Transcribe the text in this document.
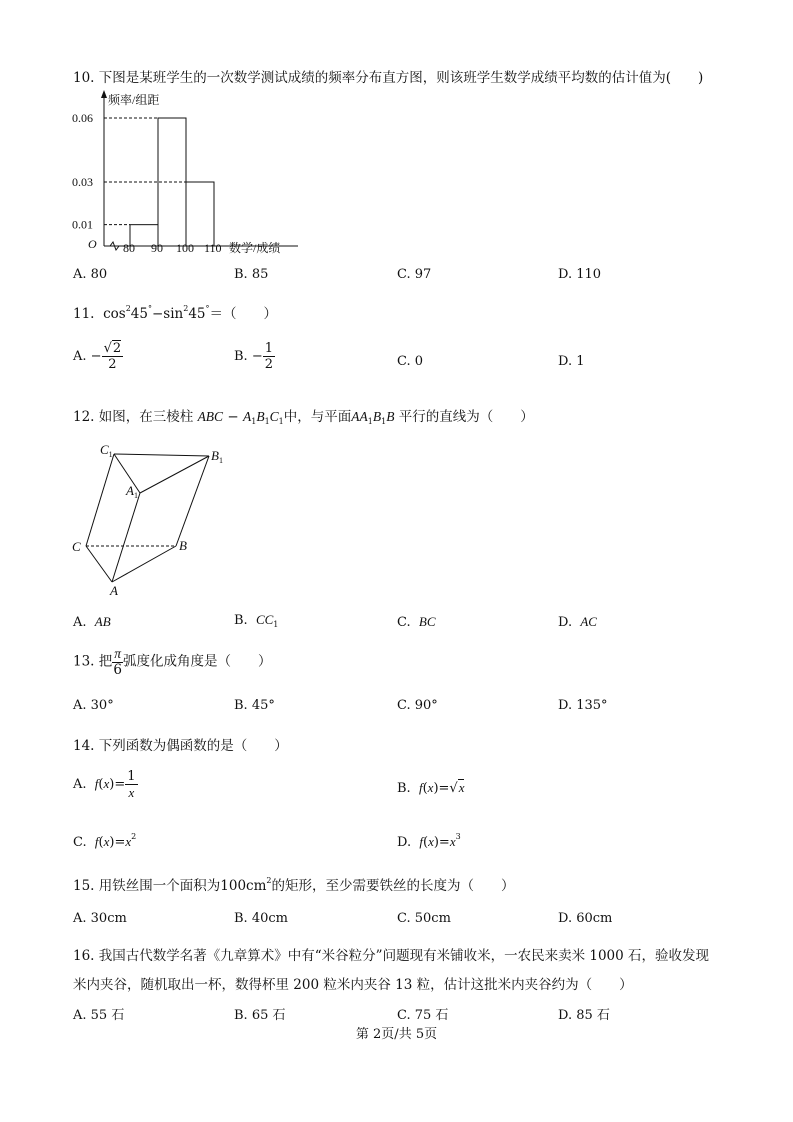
10. 下图是某班学生的一次数学测试成绩的频率分布直方图，则该班学生数学成绩平均数的估计值为(　　)
频率/组距
O	数学/成绩
0.01
0.03
0.06
80 90 100 110
A. 80	B. 85	C. 97	D. 110
11.  $\cos^245^\circ-\sin^245^\circ=$（　　）
A. − $\frac{√2}{2}$	B. − $\frac{1}{2}$	C. 0	D. 1
12. 如图，在三棱柱 ABC − $A_1B_1C_1$中，与平面$AA_1B_1B$ 平行的直线为（　　）
$C_1$	$B_1$
$A_1$
C	B
A
A. AB	B. $CC_1$	C. BC	D. AC
13. 把 $\frac{\pi}{6}$ 弧度化成角度是（　　）
A. 30°	B. 45°	C. 90°	D. 135°
14. 下列函数为偶函数的是（　　）
A. $f(x)= \frac{1}{x}$	B. f(x)=√x
C. $f(x)=x^2$	D. $f(x)=x^3$
15. 用铁丝围一个面积为$100cm^2$的矩形，至少需要铁丝的长度为（　　）
A. 30cm	B. 40cm	C. 50cm	D. 60cm
16. 我国古代数学名著《九章算术》中有“米谷粒分”问题现有米铺收米，一农民来卖米 1000 石，验收发现
米内夹谷，随机取出一杯，数得杯里 200 粒米内夹谷 13 粒，估计这批米内夹谷约为（　　）
A. 55 石	B. 65 石	C. 75 石	D. 85 石
第 2页/共 5页
